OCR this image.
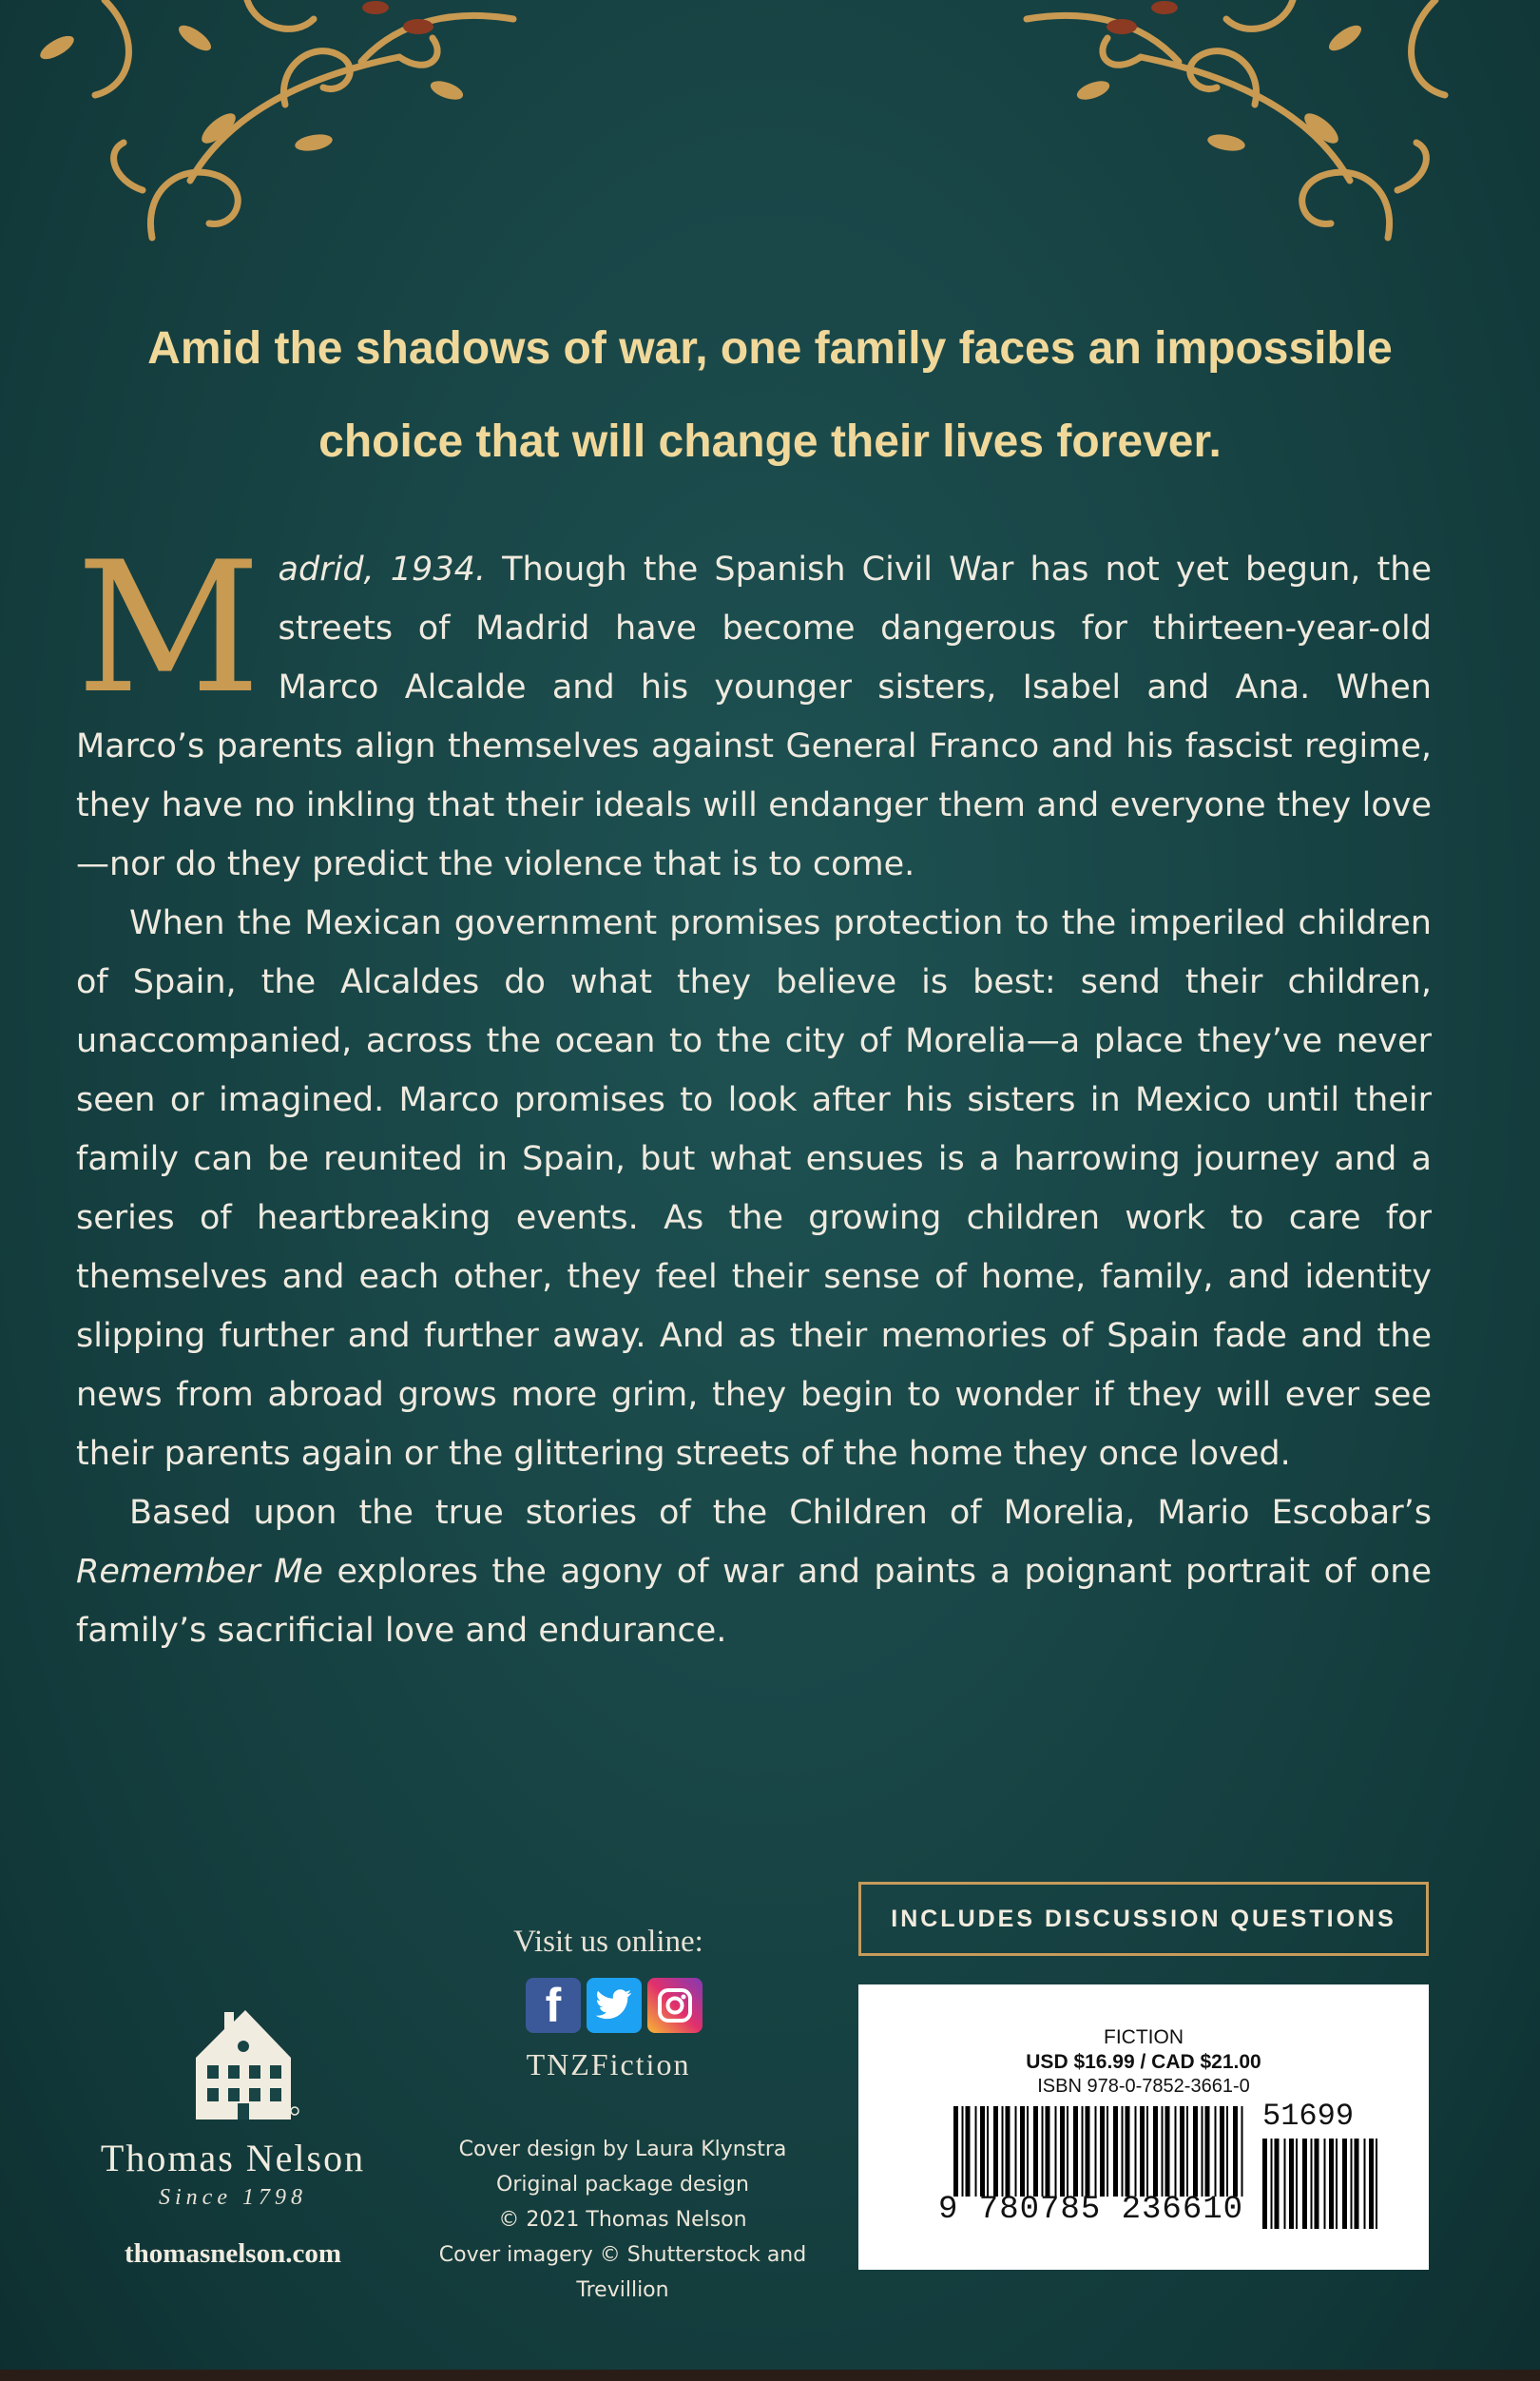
Amid the shadows of war, one family faces an impossible
choice that will change their lives forever.

M adrid, 1934. Though the Spanish Civil War has not yet begun, the streets of Madrid have become dangerous for thirteen-year-old Marco Alcalde and his younger sisters, Isabel and Ana. When Marco’s parents align themselves against General Franco and his fascist regime, they have no inkling that their ideals will endanger them and everyone they love—nor do they predict the violence that is to come.

When the Mexican government promises protection to the imperiled children of Spain, the Alcaldes do what they believe is best: send their children, unaccompanied, across the ocean to the city of Morelia—a place they’ve never seen or imagined. Marco promises to look after his sisters in Mexico until their family can be reunited in Spain, but what ensues is a harrowing journey and a series of heartbreaking events. As the growing children work to care for themselves and each other, they feel their sense of home, family, and identity slipping further and further away. And as their memories of Spain fade and the news from abroad grows more grim, they begin to wonder if they will ever see their parents again or the glittering streets of the home they once loved.

Based upon the true stories of the Children of Morelia, Mario Escobar’s Remember Me explores the agony of war and paints a poignant portrait of one family’s sacrificial love and endurance.

INCLUDES DISCUSSION QUESTIONS
FICTION
USD $16.99 / CAD $21.00
ISBN 978-0-7852-3661-0
9 780785 236610
51699
Visit us online:
f
TNZFiction
Cover design by Laura Klynstra
Original package design
© 2021 Thomas Nelson
Cover imagery © Shutterstock and Trevillion
Thomas Nelson
Since 1798
thomasnelson.com
